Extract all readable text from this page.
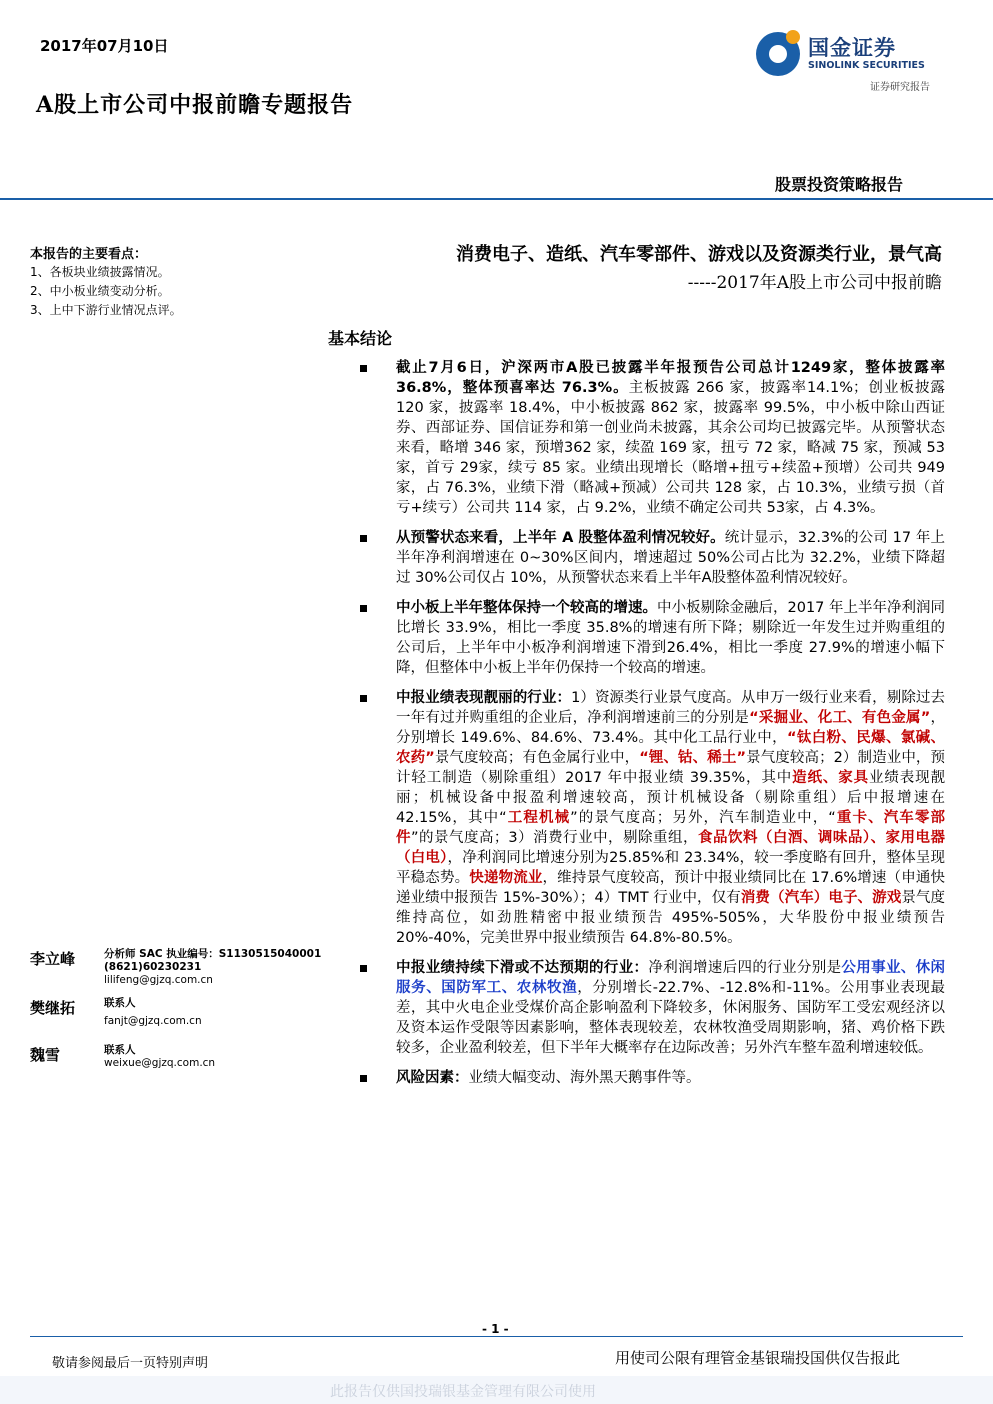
2017年07月10日
A股上市公司中报前瞻专题报告
国金证券
SINOLINK SECURITIES
证券研究报告
股票投资策略报告
本报告的主要看点：
1、各板块业绩披露情况。
2、中小板业绩变动分析。
3、上中下游行业情况点评。
消费电子、造纸、汽车零部件、游戏以及资源类行业，景气高
-----2017年A股上市公司中报前瞻
基本结论
截止7月6日，沪深两市A股已披露半年报预告公司总计1249家，整体披露率 36.8%，整体预喜率达 76.3%。主板披露 266 家，披露率14.1%；创业板披露 120 家，披露率 18.4%，中小板披露 862 家，披露率 99.5%，中小板中除山西证券、西部证券、国信证券和第一创业尚未披露，其余公司均已披露完毕。从预警状态来看，略增 346 家，预增362 家，续盈 169 家，扭亏 72 家，略减 75 家，预减 53 家，首亏 29家，续亏 85 家。业绩出现增长（略增+扭亏+续盈+预增）公司共 949家，占 76.3%，业绩下滑（略减+预减）公司共 128 家，占 10.3%，业绩亏损（首亏+续亏）公司共 114 家，占 9.2%，业绩不确定公司共 53家，占 4.3%。
从预警状态来看，上半年 A 股整体盈利情况较好。统计显示，32.3%的公司 17 年上半年净利润增速在 0~30%区间内，增速超过 50%公司占比为 32.2%，业绩下降超过 30%公司仅占 10%，从预警状态来看上半年A股整体盈利情况较好。
中小板上半年整体保持一个较高的增速。中小板剔除金融后，2017 年上半年净利润同比增长 33.9%，相比一季度 35.8%的增速有所下降；剔除近一年发生过并购重组的公司后，上半年中小板净利润增速下滑到26.4%，相比一季度 27.9%的增速小幅下降，但整体中小板上半年仍保持一个较高的增速。
中报业绩表现靓丽的行业：1）资源类行业景气度高。从申万一级行业来看，剔除过去一年有过并购重组的企业后，净利润增速前三的分别是“采掘业、化工、有色金属”，分别增长 149.6%、84.6%、73.4%。其中化工品行业中，“钛白粉、民爆、氯碱、农药”景气度较高；有色金属行业中，“锂、钴、稀土”景气度较高；2）制造业中，预计轻工制造（剔除重组）2017 年中报业绩 39.35%，其中造纸、家具业绩表现靓丽；机械设备中报盈利增速较高，预计机械设备（剔除重组）后中报增速在 42.15%，其中“工程机械”的景气度高；另外，汽车制造业中，“重卡、汽车零部件”的景气度高；3）消费行业中，剔除重组，食品饮料（白酒、调味品）、家用电器（白电），净利润同比增速分别为25.85%和 23.34%，较一季度略有回升，整体呈现平稳态势。快递物流业，维持景气度较高，预计中报业绩同比在 17.6%增速（申通快递业绩中报预告 15%-30%）；4）TMT 行业中，仅有消费（汽车）电子、游戏景气度维持高位，如劲胜精密中报业绩预告 495%-505%，大华股份中报业绩预告 20%-40%，完美世界中报业绩预告 64.8%-80.5%。
中报业绩持续下滑或不达预期的行业：净利润增速后四的行业分别是公用事业、休闲服务、国防军工、农林牧渔，分别增长-22.7%、-12.8%和-11%。公用事业表现最差，其中火电企业受煤价高企影响盈利下降较多，休闲服务、国防军工受宏观经济以及资本运作受限等因素影响，整体表现较差，农林牧渔受周期影响，猪、鸡价格下跌较多，企业盈利较差，但下半年大概率存在边际改善；另外汽车整车盈利增速较低。
风险因素：业绩大幅变动、海外黑天鹅事件等。
李立峰	分析师 SAC 执业编号：S1130515040001
(8621)60230231
lilifeng@gjzq.com.cn
樊继拓	联系人
fanjt@gjzq.com.cn
魏雪	联系人
weixue@gjzq.com.cn
- 1 -
敬请参阅最后一页特别声明	用使司公限有理管金基银瑞投国供仅告报此
此报告仅供国投瑞银基金管理有限公司使用
